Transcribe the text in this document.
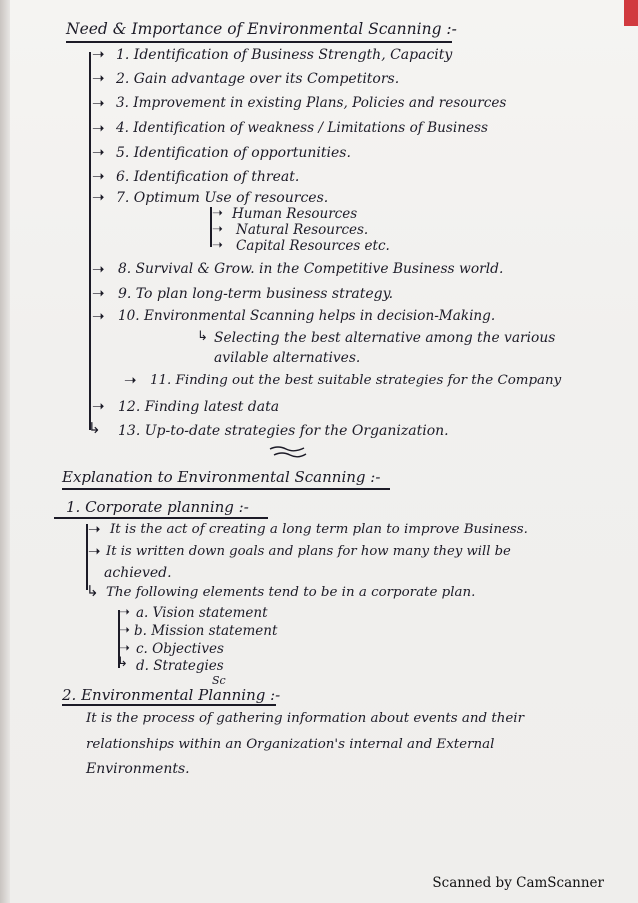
Need & Importance of Environmental Scanning :-
➝ 1. Identification of Business Strength, Capacity
➝ 2. Gain advantage over its Competitors.
➝ 3. Improvement in existing Plans, Policies and resources
➝ 4. Identification of weakness / Limitations of Business
➝ 5. Identification of opportunities.
➝ 6. Identification of threat.
➝ 7. Optimum Use of resources.
➝ Human Resources
➝ Natural Resources.
➝ Capital Resources etc.
➝ 8. Survival & Grow. in the Competitive Business world.
➝ 9. To plan long-term business strategy.
➝ 10. Environmental Scanning helps in decision-Making.
↳ Selecting the best alternative among the various
avilable alternatives.
➝ 11. Finding out the best suitable strategies for the Company
➝ 12. Finding latest data
↳ 13. Up-to-date strategies for the Organization.
Explanation to Environmental Scanning :-
1. Corporate planning :-
➝ It is the act of creating a long term plan to improve Business.
➝ It is written down goals and plans for how many they will be
achieved.
↳ The following elements tend to be in a corporate plan.
➝ a. Vision statement
➝ b. Mission statement
➝ c. Objectives
↳ d. Strategies
Sc
2. Environmental Planning :-
It is the process of gathering information about events and their
relationships within an Organization's internal and External
Environments.
Scanned by CamScanner
